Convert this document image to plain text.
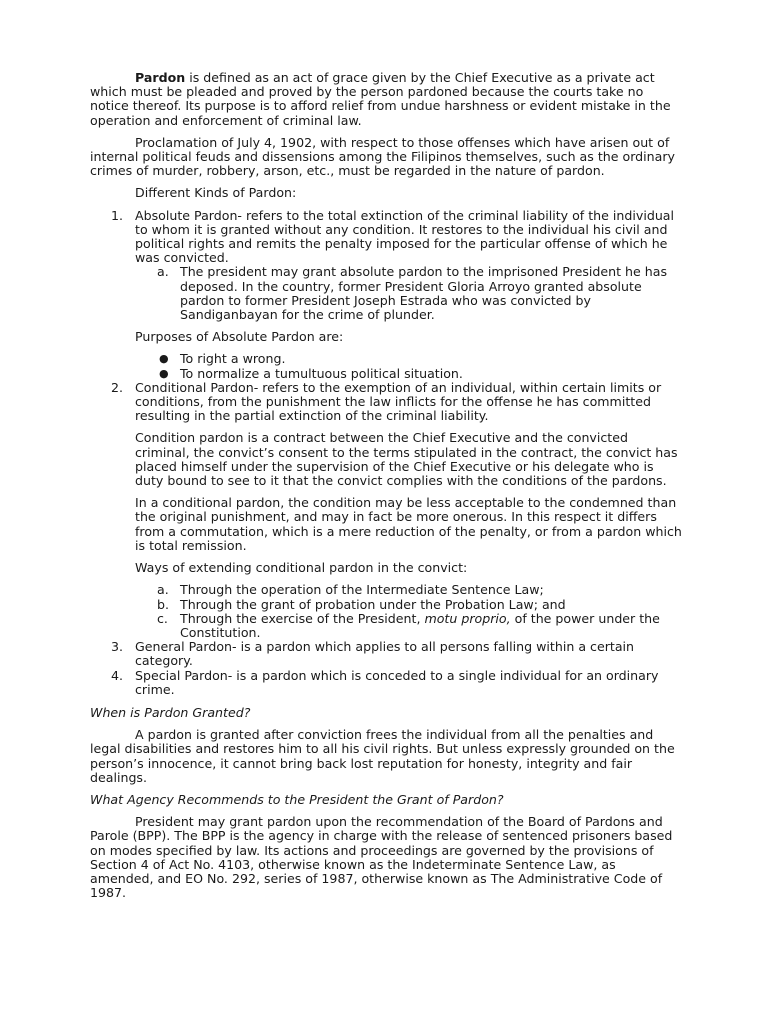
Pardon is defined as an act of grace given by the Chief Executive as a private act which must be pleaded and proved by the person pardoned because the courts take no notice thereof. Its purpose is to afford relief from undue harshness or evident mistake in the operation and enforcement of criminal law.

Proclamation of July 4, 1902, with respect to those offenses which have arisen out of internal political feuds and dissensions among the Filipinos themselves, such as the ordinary crimes of murder, robbery, arson, etc., must be regarded in the nature of pardon.

Different Kinds of Pardon:

1. Absolute Pardon- refers to the total extinction of the criminal liability of the individual to whom it is granted without any condition. It restores to the individual his civil and political rights and remits the penalty imposed for the particular offense of which he was convicted.
a. The president may grant absolute pardon to the imprisoned President he has deposed. In the country, former President Gloria Arroyo granted absolute pardon to former President Joseph Estrada who was convicted by Sandiganbayan for the crime of plunder.

Purposes of Absolute Pardon are:

● To right a wrong.
● To normalize a tumultuous political situation.
2. Conditional Pardon- refers to the exemption of an individual, within certain limits or conditions, from the punishment the law inflicts for the offense he has committed resulting in the partial extinction of the criminal liability.

Condition pardon is a contract between the Chief Executive and the convicted criminal, the convict’s consent to the terms stipulated in the contract, the convict has placed himself under the supervision of the Chief Executive or his delegate who is duty bound to see to it that the convict complies with the conditions of the pardons.

In a conditional pardon, the condition may be less acceptable to the condemned than the original punishment, and may in fact be more onerous. In this respect it differs from a commutation, which is a mere reduction of the penalty, or from a pardon which is total remission.

Ways of extending conditional pardon in the convict:

a. Through the operation of the Intermediate Sentence Law;
b. Through the grant of probation under the Probation Law; and
c. Through the exercise of the President, motu proprio, of the power under the Constitution.
3. General Pardon- is a pardon which applies to all persons falling within a certain category.
4. Special Pardon- is a pardon which is conceded to a single individual for an ordinary crime.

When is Pardon Granted?

A pardon is granted after conviction frees the individual from all the penalties and legal disabilities and restores him to all his civil rights. But unless expressly grounded on the person’s innocence, it cannot bring back lost reputation for honesty, integrity and fair dealings.

What Agency Recommends to the President the Grant of Pardon?

President may grant pardon upon the recommendation of the Board of Pardons and Parole (BPP). The BPP is the agency in charge with the release of sentenced prisoners based on modes specified by law. Its actions and proceedings are governed by the provisions of Section 4 of Act No. 4103, otherwise known as the Indeterminate Sentence Law, as amended, and EO No. 292, series of 1987, otherwise known as The Administrative Code of 1987.
